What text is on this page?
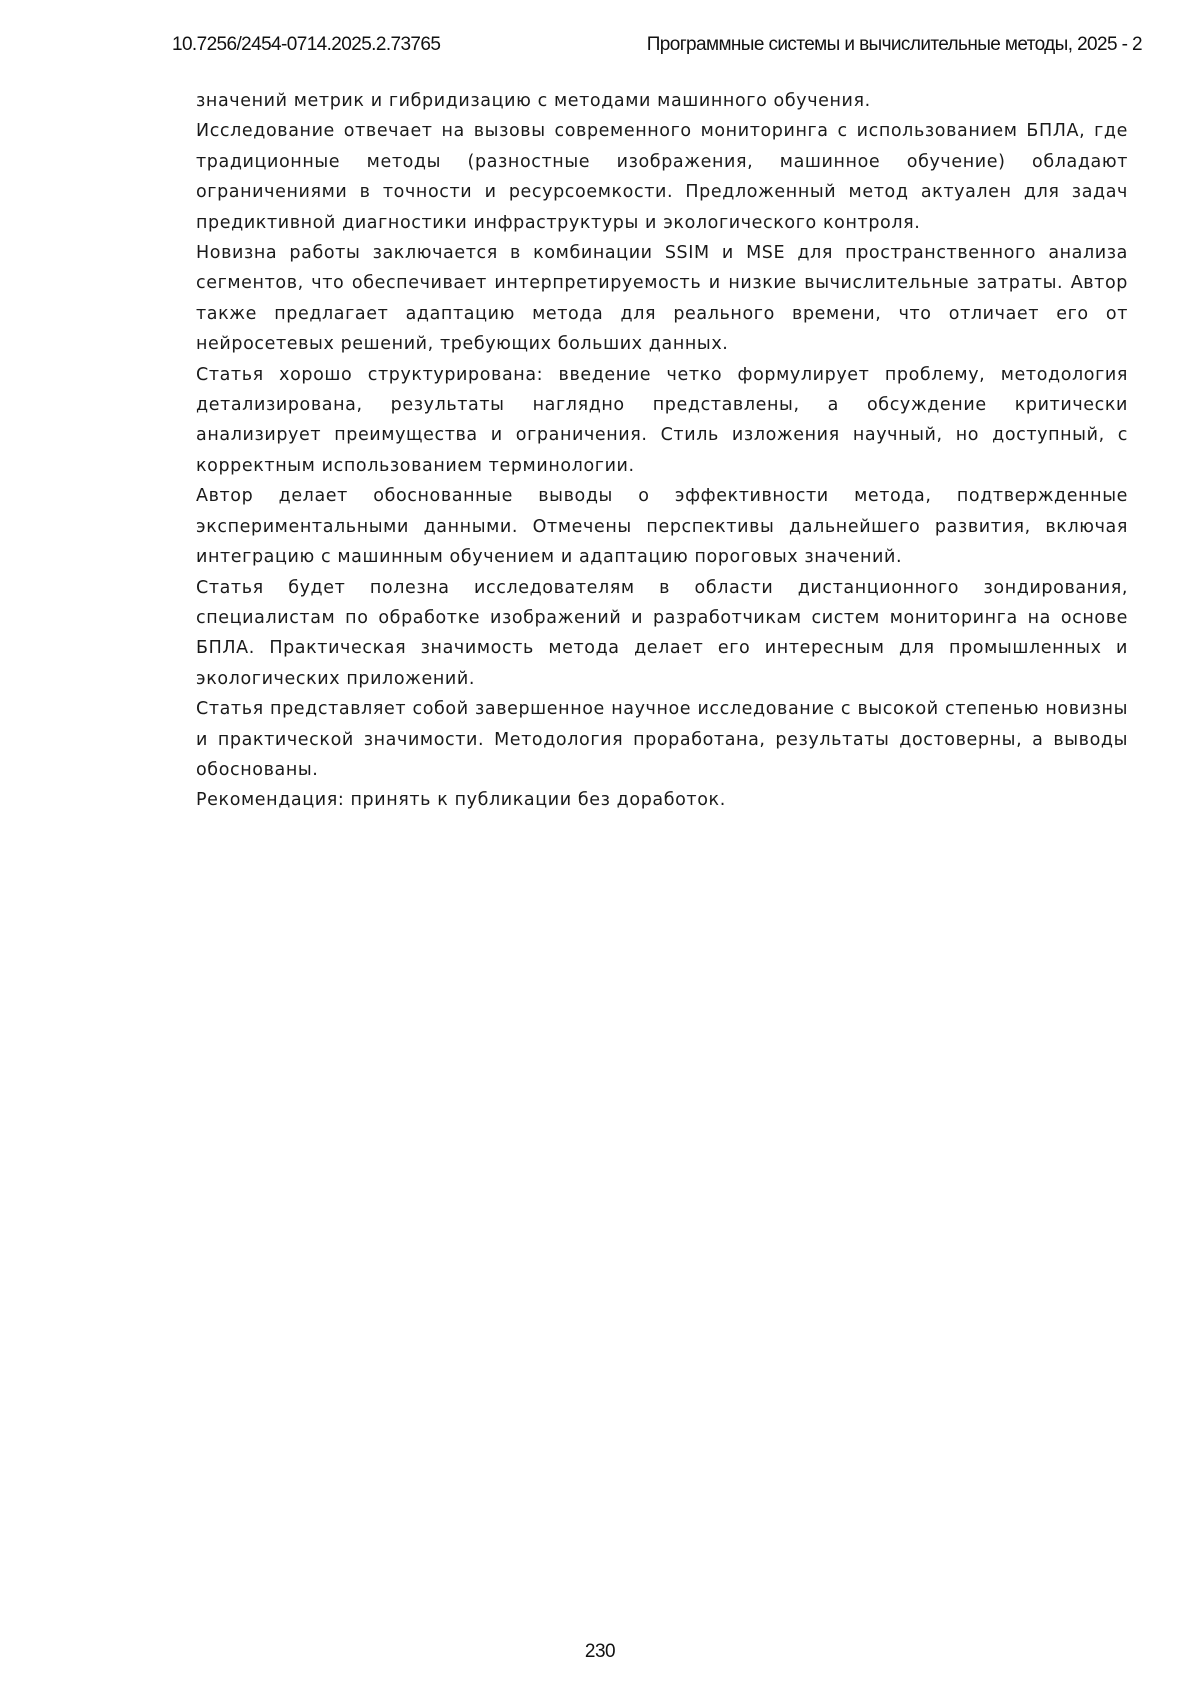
10.7256/2454-0714.2025.2.73765	Программные системы и вычислительные методы, 2025 - 2

значений метрик и гибридизацию с методами машинного обучения.

Исследование отвечает на вызовы современного мониторинга с использованием БПЛА, где традиционные методы (разностные изображения, машинное обучение) обладают ограничениями в точности и ресурсоемкости. Предложенный метод актуален для задач предиктивной диагностики инфраструктуры и экологического контроля.

Новизна работы заключается в комбинации SSIM и MSE для пространственного анализа сегментов, что обеспечивает интерпретируемость и низкие вычислительные затраты. Автор также предлагает адаптацию метода для реального времени, что отличает его от нейросетевых решений, требующих больших данных.

Статья хорошо структурирована: введение четко формулирует проблему, методология детализирована, результаты наглядно представлены, а обсуждение критически анализирует преимущества и ограничения. Стиль изложения научный, но доступный, с корректным использованием терминологии.

Автор делает обоснованные выводы о эффективности метода, подтвержденные экспериментальными данными. Отмечены перспективы дальнейшего развития, включая интеграцию с машинным обучением и адаптацию пороговых значений.

Статья будет полезна исследователям в области дистанционного зондирования, специалистам по обработке изображений и разработчикам систем мониторинга на основе БПЛА. Практическая значимость метода делает его интересным для промышленных и экологических приложений.

Статья представляет собой завершенное научное исследование с высокой степенью новизны и практической значимости. Методология проработана, результаты достоверны, а выводы обоснованы.

Рекомендация: принять к публикации без доработок.

230
